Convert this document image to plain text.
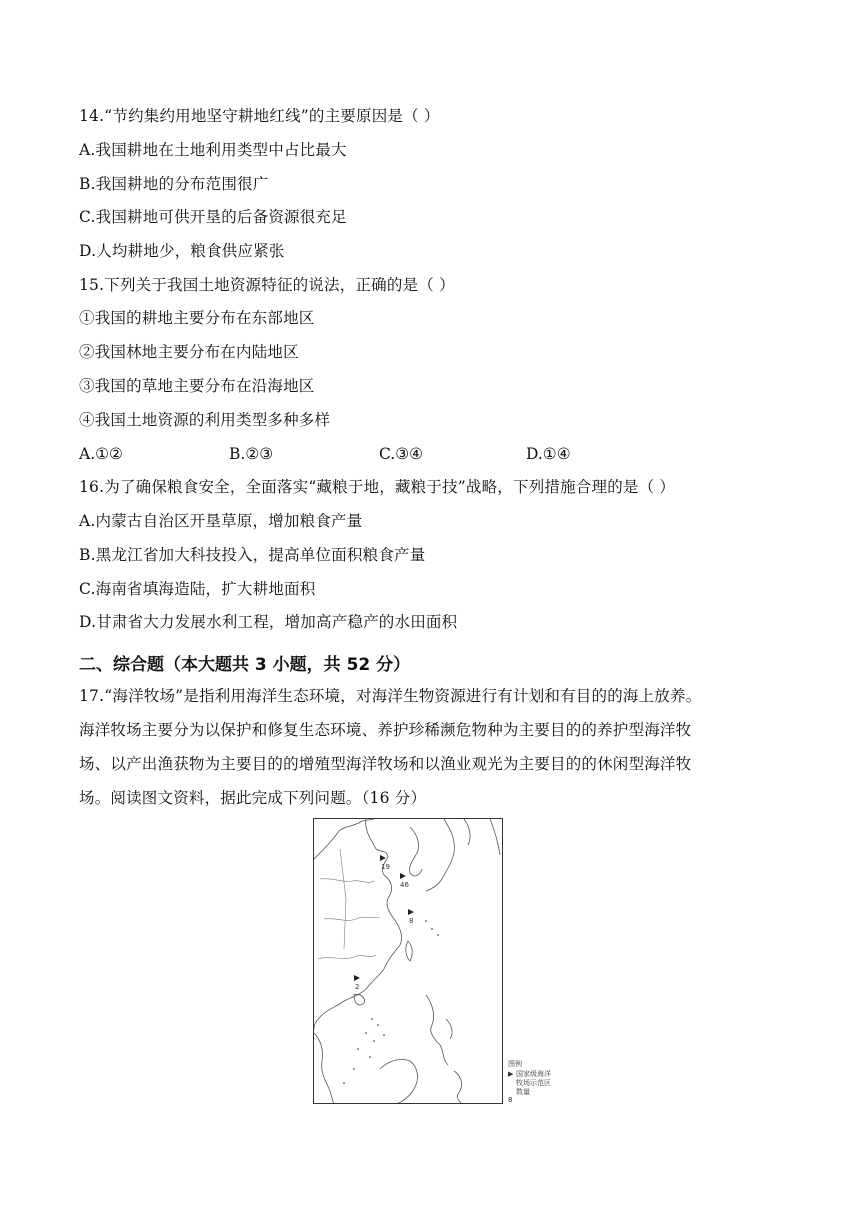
14.“节约集约用地坚守耕地红线”的主要原因是（ ）
A.我国耕地在土地利用类型中占比最大
B.我国耕地的分布范围很广
C.我国耕地可供开垦的后备资源很充足
D.人均耕地少，粮食供应紧张
15.下列关于我国土地资源特征的说法，正确的是（ ）
①我国的耕地主要分布在东部地区
②我国林地主要分布在内陆地区
③我国的草地主要分布在沿海地区
④我国土地资源的利用类型多种多样
A.①②	B.②③	C.③④	D.①④
16.为了确保粮食安全，全面落实“藏粮于地，藏粮于技”战略，下列措施合理的是（ ）
A.内蒙古自治区开垦草原，增加粮食产量
B.黑龙江省加大科技投入，提高单位面积粮食产量
C.海南省填海造陆，扩大耕地面积
D.甘肃省大力发展水利工程，增加高产稳产的水田面积
二、综合题（本大题共 3 小题，共 52 分）
17.“海洋牧场”是指利用海洋生态环境，对海洋生物资源进行有计划和有目的的海上放养。
海洋牧场主要分为以保护和修复生态环境、养护珍稀濒危物种为主要目的的养护型海洋牧
场、以产出渔获物为主要目的的增殖型海洋牧场和以渔业观光为主要目的的休闲型海洋牧
场。阅读图文资料，据此完成下列问题。（16 分）
19
46
8
2
图例
▶ 国家级海洋牧场示范区数量
8
